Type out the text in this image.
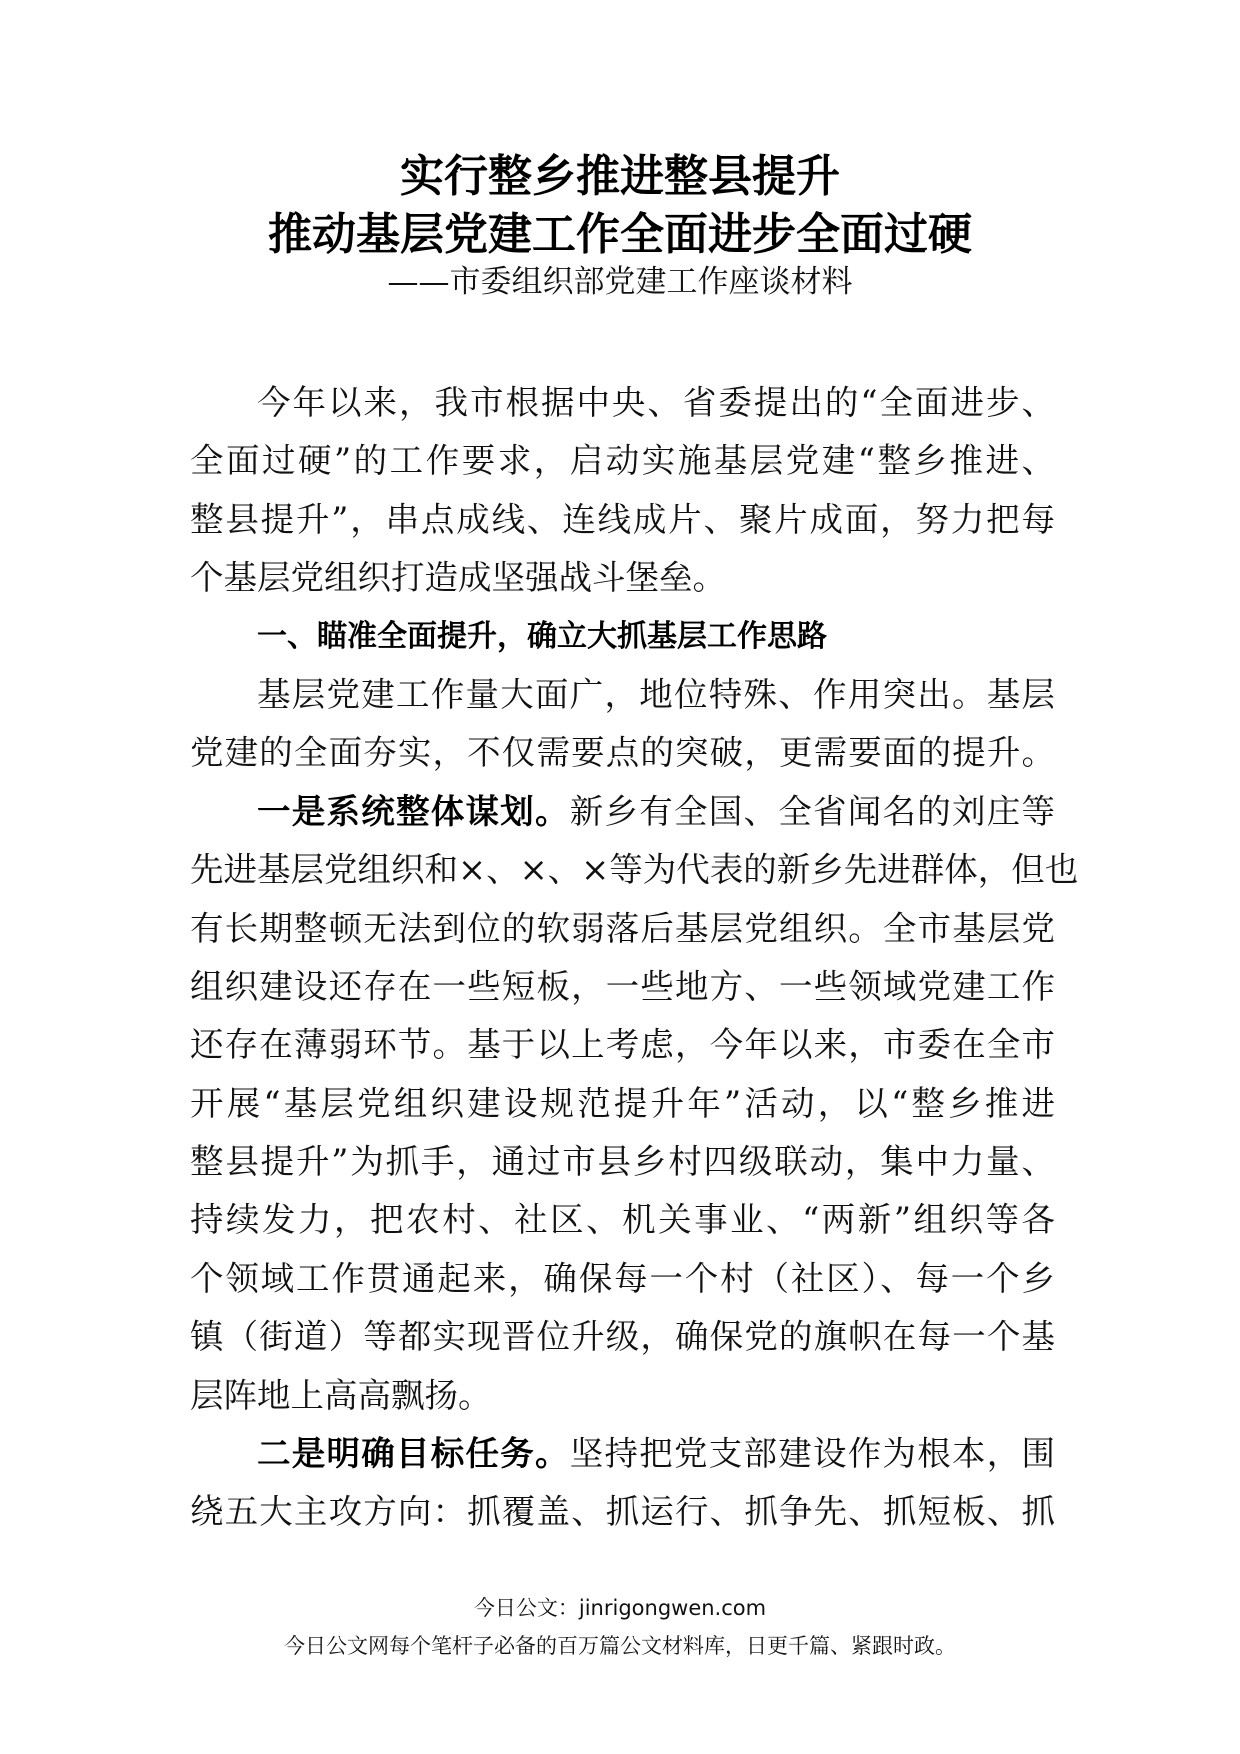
实行整乡推进整县提升
推动基层党建工作全面进步全面过硬
——市委组织部党建工作座谈材料
今年以来，我市根据中央、省委提出的“全面进步、
全面过硬”的工作要求，启动实施基层党建“整乡推进、
整县提升”，串点成线、连线成片、聚片成面，努力把每
个基层党组织打造成坚强战斗堡垒。
一、瞄准全面提升，确立大抓基层工作思路
基层党建工作量大面广，地位特殊、作用突出。基层
党建的全面夯实，不仅需要点的突破，更需要面的提升。
一是系统整体谋划。新乡有全国、全省闻名的刘庄等
先进基层党组织和×、×、×等为代表的新乡先进群体，但也
有长期整顿无法到位的软弱落后基层党组织。全市基层党
组织建设还存在一些短板，一些地方、一些领域党建工作
还存在薄弱环节。基于以上考虑，今年以来，市委在全市
开展“基层党组织建设规范提升年”活动，以“整乡推进
整县提升”为抓手，通过市县乡村四级联动，集中力量、
持续发力，把农村、社区、机关事业、“两新”组织等各
个领域工作贯通起来，确保每一个村（社区）、每一个乡
镇（街道）等都实现晋位升级，确保党的旗帜在每一个基
层阵地上高高飘扬。
二是明确目标任务。坚持把党支部建设作为根本，围
绕五大主攻方向：抓覆盖、抓运行、抓争先、抓短板、抓
今日公文：jinrigongwen.com
今日公文网每个笔杆子必备的百万篇公文材料库，日更千篇、紧跟时政。
